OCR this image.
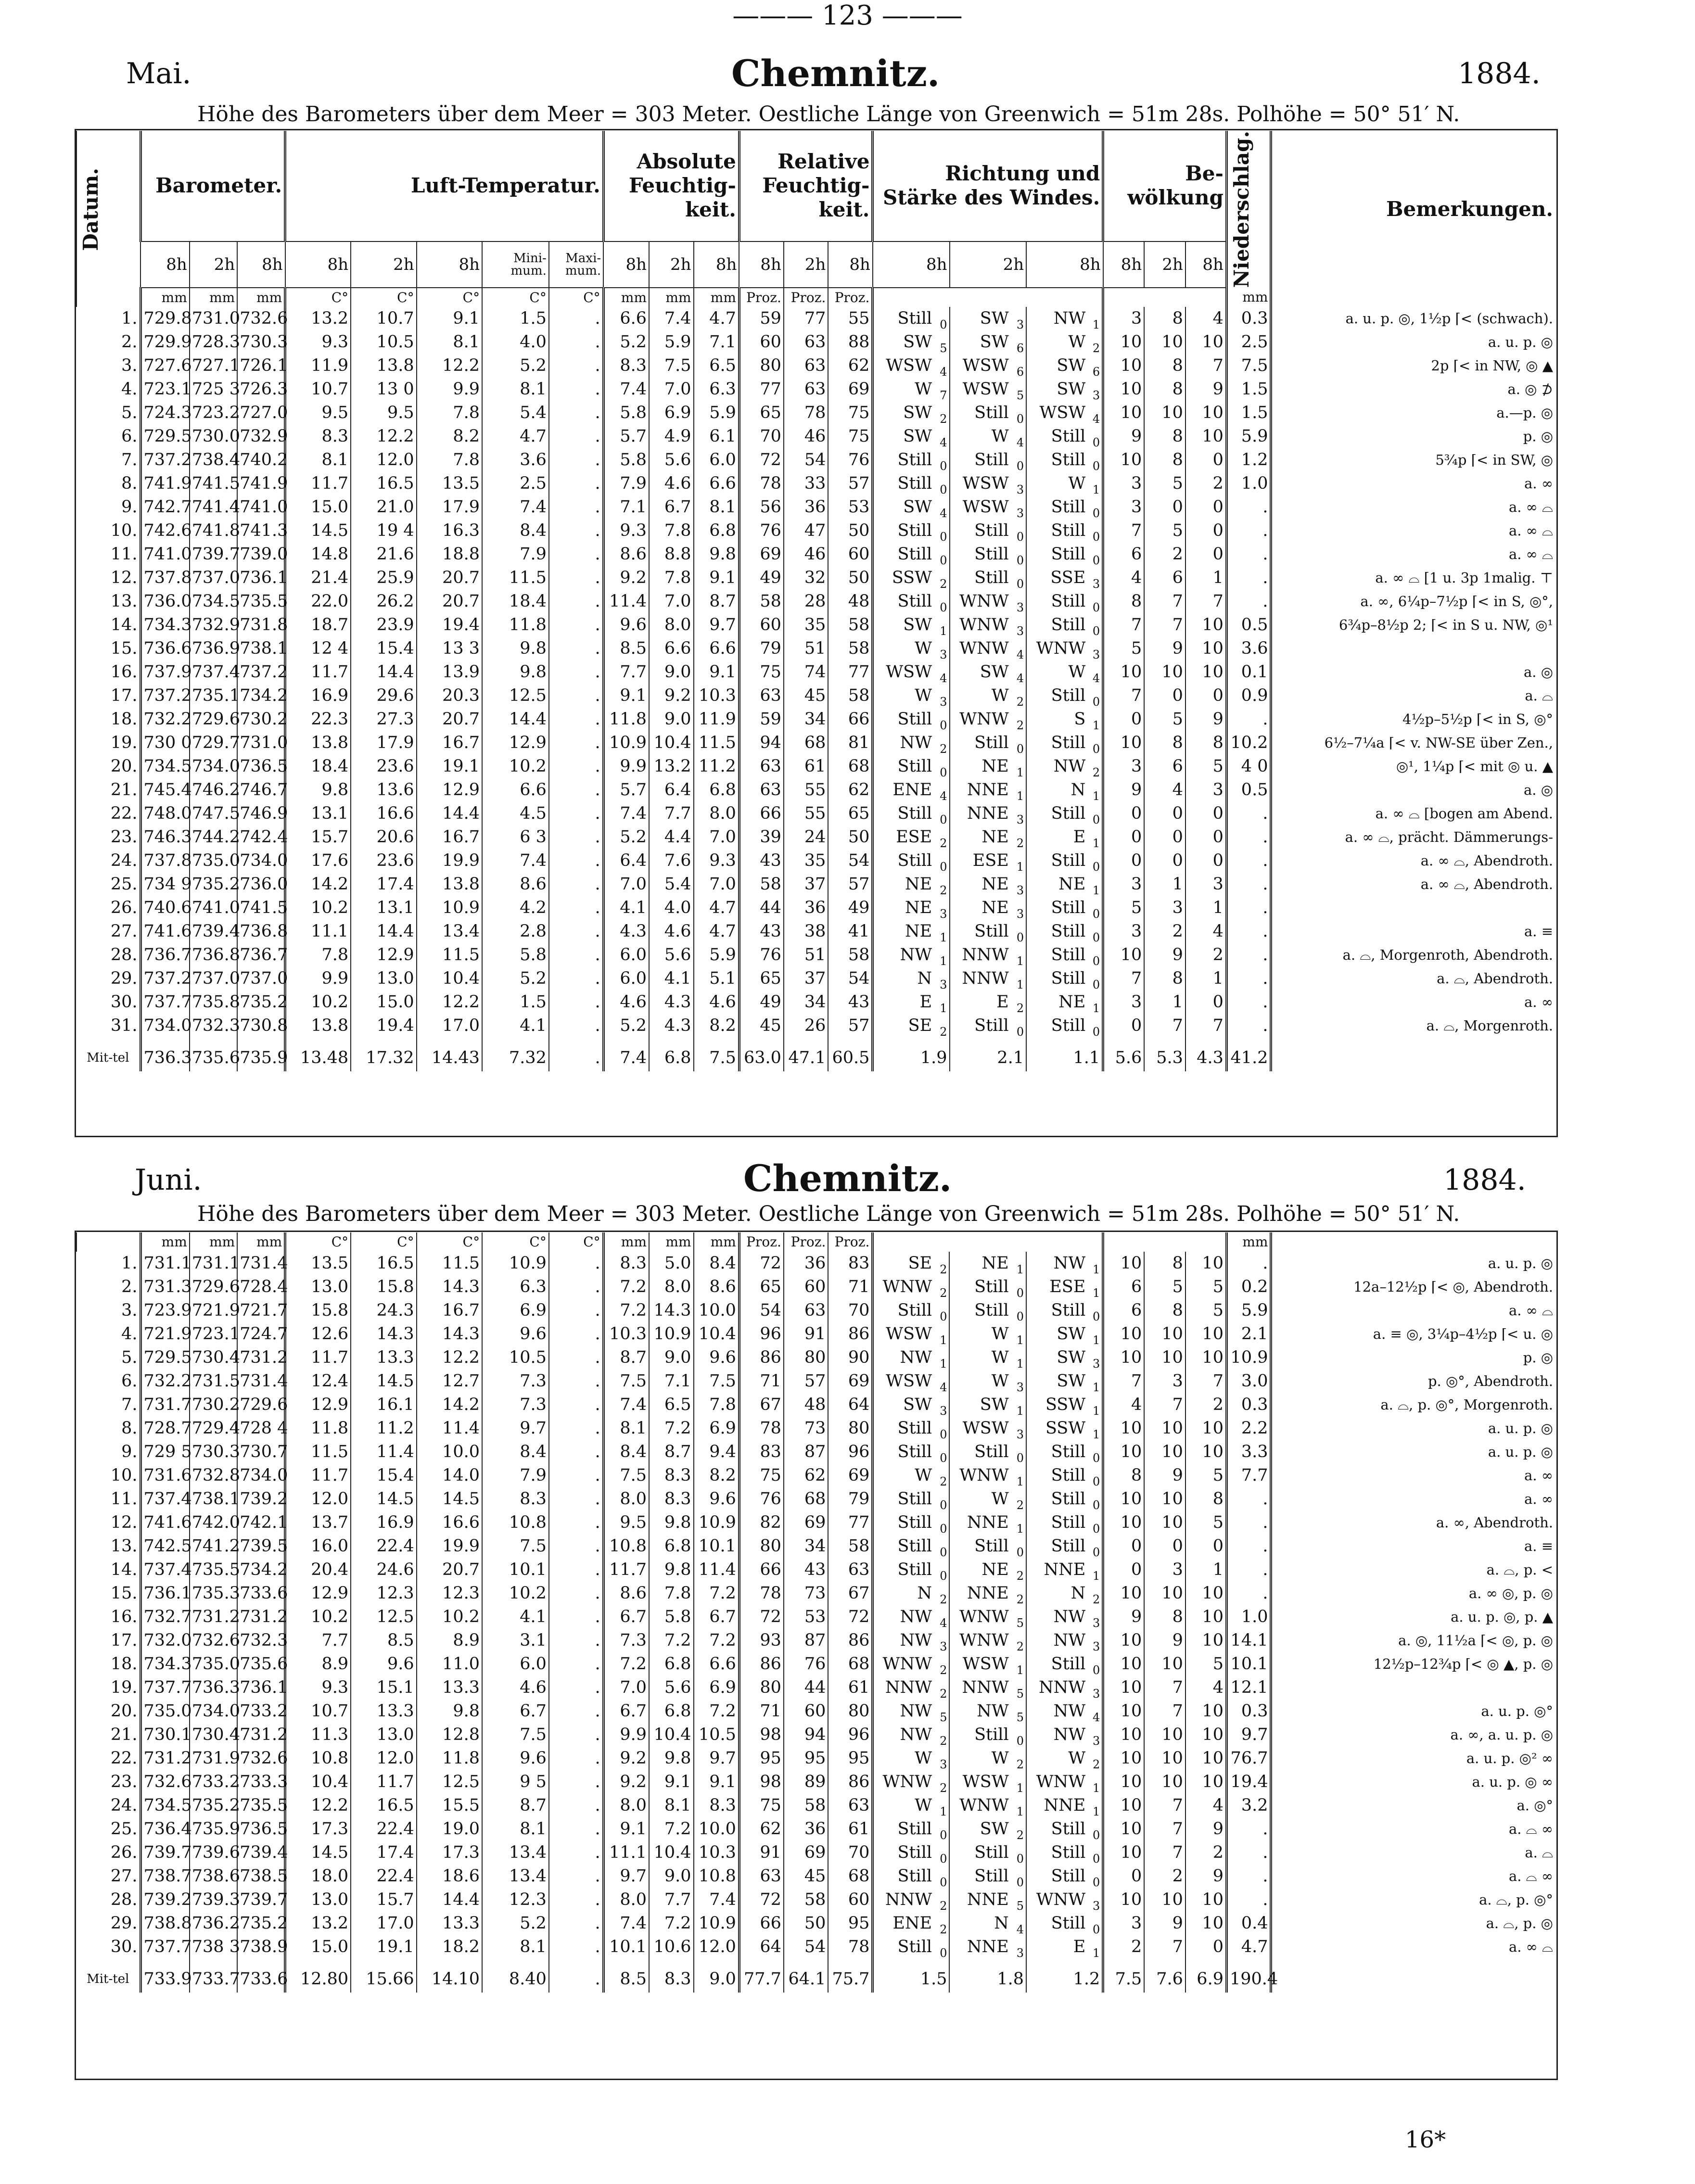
——— 123 ———
Mai.	Chemnitz.	1884.
Höhe des Barometers über dem Meer = 303 Meter. Oestliche Länge von Greenwich = 51m 28s. Polhöhe = 50° 51′ N.
Datum.	Barometer.			Luft-Temperatur.					Absolute Feuchtig-keit.			Relative Feuchtig-keit.			Richtung und Stärke des Windes.						Be-wölkung			Niederschlag.	Bemerkungen.
	8h	2h	8h	8h	2h	8h	Mini-mum.	Maxi-mum.	8h	2h	8h	8h	2h	8h	8h		2h		8h		8h	2h	8h		
	mm	mm	mm	C°	C°	C°	C°	C°	mm	mm	mm	Proz.	Proz.	Proz.										mm	
1.	729.8	731.0	732.6	13.2	10.7	9.1	1.5	.	6.6	7.4	4.7	59	77	55	Still	0	SW	3	NW	1	3	8	4	0.3	a. u. p. ◎, 1½p ⌈< (schwach).
2.	729.9	728.3	730.3	9.3	10.5	8.1	4.0	.	5.2	5.9	7.1	60	63	88	SW	5	SW	6	W	2	10	10	10	2.5	a. u. p. ◎
3.	727.6	727.1	726.1	11.9	13.8	12.2	5.2	.	8.3	7.5	6.5	80	63	62	WSW	4	WSW	6	SW	6	10	8	7	7.5	2p ⌈< in NW, ◎ ▲
4.	723.1	725 3	726.3	10.7	13 0	9.9	8.1	.	7.4	7.0	6.3	77	63	69	W	7	WSW	5	SW	3	10	8	9	1.5	a. ◎ ⊅
5.	724.3	723.2	727.0	9.5	9.5	7.8	5.4	.	5.8	6.9	5.9	65	78	75	SW	2	Still	0	WSW	4	10	10	10	1.5	a.—p. ◎
6.	729.5	730.0	732.9	8.3	12.2	8.2	4.7	.	5.7	4.9	6.1	70	46	75	SW	4	W	4	Still	0	9	8	10	5.9	p. ◎
7.	737.2	738.4	740.2	8.1	12.0	7.8	3.6	.	5.8	5.6	6.0	72	54	76	Still	0	Still	0	Still	0	10	8	0	1.2	5¾p ⌈< in SW, ◎
8.	741.9	741.5	741.9	11.7	16.5	13.5	2.5	.	7.9	4.6	6.6	78	33	57	Still	0	WSW	3	W	1	3	5	2	1.0	a. ∞
9.	742.7	741.4	741.0	15.0	21.0	17.9	7.4	.	7.1	6.7	8.1	56	36	53	SW	4	WSW	3	Still	0	3	0	0	.	a. ∞ ⌓
10.	742.6	741.8	741.3	14.5	19 4	16.3	8.4	.	9.3	7.8	6.8	76	47	50	Still	0	Still	0	Still	0	7	5	0	.	a. ∞ ⌓
11.	741.0	739.7	739.0	14.8	21.6	18.8	7.9	.	8.6	8.8	9.8	69	46	60	Still	0	Still	0	Still	0	6	2	0	.	a. ∞ ⌓
12.	737.8	737.0	736.1	21.4	25.9	20.7	11.5	.	9.2	7.8	9.1	49	32	50	SSW	2	Still	0	SSE	3	4	6	1	.	a. ∞ ⌓ [1 u. 3p 1malig. ⊤
13.	736.0	734.5	735.5	22.0	26.2	20.7	18.4	.	11.4	7.0	8.7	58	28	48	Still	0	WNW	3	Still	0	8	7	7	.	a. ∞, 6¼p–7½p ⌈< in S, ◎°,
14.	734.3	732.9	731.8	18.7	23.9	19.4	11.8	.	9.6	8.0	9.7	60	35	58	SW	1	WNW	3	Still	0	7	7	10	0.5	6¾p–8½p 2; ⌈< in S u. NW, ◎¹
15.	736.6	736.9	738.1	12 4	15.4	13 3	9.8	.	8.5	6.6	6.6	79	51	58	W	3	WNW	4	WNW	3	5	9	10	3.6	
16.	737.9	737.4	737.2	11.7	14.4	13.9	9.8	.	7.7	9.0	9.1	75	74	77	WSW	4	SW	4	W	4	10	10	10	0.1	a. ◎
17.	737.2	735.1	734.2	16.9	29.6	20.3	12.5	.	9.1	9.2	10.3	63	45	58	W	3	W	2	Still	0	7	0	0	0.9	a. ⌓
18.	732.2	729.6	730.2	22.3	27.3	20.7	14.4	.	11.8	9.0	11.9	59	34	66	Still	0	WNW	2	S	1	0	5	9	.	4½p–5½p ⌈< in S, ◎°
19.	730 0	729.7	731.0	13.8	17.9	16.7	12.9	.	10.9	10.4	11.5	94	68	81	NW	2	Still	0	Still	0	10	8	8	10.2	6½–7¼a ⌈< v. NW-SE über Zen.,
20.	734.5	734.0	736.5	18.4	23.6	19.1	10.2	.	9.9	13.2	11.2	63	61	68	Still	0	NE	1	NW	2	3	6	5	4 0	◎¹, 1¼p ⌈< mit ◎ u. ▲
21.	745.4	746.2	746.7	9.8	13.6	12.9	6.6	.	5.7	6.4	6.8	63	55	62	ENE	4	NNE	1	N	1	9	4	3	0.5	a. ◎
22.	748.0	747.5	746.9	13.1	16.6	14.4	4.5	.	7.4	7.7	8.0	66	55	65	Still	0	NNE	3	Still	0	0	0	0	.	a. ∞ ⌓ [bogen am Abend.
23.	746.3	744.2	742.4	15.7	20.6	16.7	6 3	.	5.2	4.4	7.0	39	24	50	ESE	2	NE	2	E	1	0	0	0	.	a. ∞ ⌓, prächt. Dämmerungs-
24.	737.8	735.0	734.0	17.6	23.6	19.9	7.4	.	6.4	7.6	9.3	43	35	54	Still	0	ESE	1	Still	0	0	0	0	.	a. ∞ ⌓, Abendroth.
25.	734 9	735.2	736.0	14.2	17.4	13.8	8.6	.	7.0	5.4	7.0	58	37	57	NE	2	NE	3	NE	1	3	1	3	.	a. ∞ ⌓, Abendroth.
26.	740.6	741.0	741.5	10.2	13.1	10.9	4.2	.	4.1	4.0	4.7	44	36	49	NE	3	NE	3	Still	0	5	3	1	.	
27.	741.6	739.4	736.8	11.1	14.4	13.4	2.8	.	4.3	4.6	4.7	43	38	41	NE	1	Still	0	Still	0	3	2	4	.	a. ≡
28.	736.7	736.8	736.7	7.8	12.9	11.5	5.8	.	6.0	5.6	5.9	76	51	58	NW	1	NNW	1	Still	0	10	9	2	.	a. ⌓, Morgenroth, Abendroth.
29.	737.2	737.0	737.0	9.9	13.0	10.4	5.2	.	6.0	4.1	5.1	65	37	54	N	3	NNW	1	Still	0	7	8	1	.	a. ⌓, Abendroth.
30.	737.7	735.8	735.2	10.2	15.0	12.2	1.5	.	4.6	4.3	4.6	49	34	43	E	1	E	2	NE	1	3	1	0	.	a. ∞
31.	734.0	732.3	730.8	13.8	19.4	17.0	4.1	.	5.2	4.3	8.2	45	26	57	SE	2	Still	0	Still	0	0	7	7	.	a. ⌓, Morgenroth.

Mit-tel	736.3	735.6	735.9	13.48	17.32	14.43	7.32	.	7.4	6.8	7.5	63.0	47.1	60.5	1.9		2.1		1.1		5.6	5.3	4.3	41.2	
Juni.	Chemnitz.	1884.
Höhe des Barometers über dem Meer = 303 Meter. Oestliche Länge von Greenwich = 51m 28s. Polhöhe = 50° 51′ N.
	mm	mm	mm	C°	C°	C°	C°	C°	mm	mm	mm	Proz.	Proz.	Proz.										mm	
1.	731.1	731.1	731.4	13.5	16.5	11.5	10.9	.	8.3	5.0	8.4	72	36	83	SE	2	NE	1	NW	1	10	8	10	.	a. u. p. ◎
2.	731.3	729.6	728.4	13.0	15.8	14.3	6.3	.	7.2	8.0	8.6	65	60	71	WNW	2	Still	0	ESE	1	6	5	5	0.2	12a–12½p ⌈< ◎, Abendroth.
3.	723.9	721.9	721.7	15.8	24.3	16.7	6.9	.	7.2	14.3	10.0	54	63	70	Still	0	Still	0	Still	0	6	8	5	5.9	a. ∞ ⌓
4.	721.9	723.1	724.7	12.6	14.3	14.3	9.6	.	10.3	10.9	10.4	96	91	86	WSW	1	W	1	SW	1	10	10	10	2.1	a. ≡ ◎, 3¼p–4½p ⌈< u. ◎
5.	729.5	730.4	731.2	11.7	13.3	12.2	10.5	.	8.7	9.0	9.6	86	80	90	NW	1	W	1	SW	3	10	10	10	10.9	p. ◎
6.	732.2	731.5	731.4	12.4	14.5	12.7	7.3	.	7.5	7.1	7.5	71	57	69	WSW	4	W	3	SW	1	7	3	7	3.0	p. ◎°, Abendroth.
7.	731.7	730.2	729.6	12.9	16.1	14.2	7.3	.	7.4	6.5	7.8	67	48	64	SW	3	SW	1	SSW	1	4	7	2	0.3	a. ⌓, p. ◎°, Morgenroth.
8.	728.7	729.4	728 4	11.8	11.2	11.4	9.7	.	8.1	7.2	6.9	78	73	80	Still	0	WSW	3	SSW	1	10	10	10	2.2	a. u. p. ◎
9.	729 5	730.3	730.7	11.5	11.4	10.0	8.4	.	8.4	8.7	9.4	83	87	96	Still	0	Still	0	Still	0	10	10	10	3.3	a. u. p. ◎
10.	731.6	732.8	734.0	11.7	15.4	14.0	7.9	.	7.5	8.3	8.2	75	62	69	W	2	WNW	1	Still	0	8	9	5	7.7	a. ∞
11.	737.4	738.1	739.2	12.0	14.5	14.5	8.3	.	8.0	8.3	9.6	76	68	79	Still	0	W	2	Still	0	10	10	8	.	a. ∞
12.	741.6	742.0	742.1	13.7	16.9	16.6	10.8	.	9.5	9.8	10.9	82	69	77	Still	0	NNE	1	Still	0	10	10	5	.	a. ∞, Abendroth.
13.	742.5	741.2	739.5	16.0	22.4	19.9	7.5	.	10.8	6.8	10.1	80	34	58	Still	0	Still	0	Still	0	0	0	0	.	a. ≡
14.	737.4	735.5	734.2	20.4	24.6	20.7	10.1	.	11.7	9.8	11.4	66	43	63	Still	0	NE	2	NNE	1	0	3	1	.	a. ⌓, p. <
15.	736.1	735.3	733.6	12.9	12.3	12.3	10.2	.	8.6	7.8	7.2	78	73	67	N	2	NNE	2	N	2	10	10	10	.	a. ∞ ◎, p. ◎
16.	732.7	731.2	731.2	10.2	12.5	10.2	4.1	.	6.7	5.8	6.7	72	53	72	NW	4	WNW	5	NW	3	9	8	10	1.0	a. u. p. ◎, p. ▲
17.	732.0	732.6	732.3	7.7	8.5	8.9	3.1	.	7.3	7.2	7.2	93	87	86	NW	3	WNW	2	NW	3	10	9	10	14.1	a. ◎, 11½a ⌈< ◎, p. ◎
18.	734.3	735.0	735.6	8.9	9.6	11.0	6.0	.	7.2	6.8	6.6	86	76	68	WNW	2	WSW	1	Still	0	10	10	5	10.1	12½p–12¾p ⌈< ◎ ▲, p. ◎
19.	737.7	736.3	736.1	9.3	15.1	13.3	4.6	.	7.0	5.6	6.9	80	44	61	NNW	2	NNW	5	NNW	3	10	7	4	12.1	
20.	735.0	734.0	733.2	10.7	13.3	9.8	6.7	.	6.7	6.8	7.2	71	60	80	NW	5	NW	5	NW	4	10	7	10	0.3	a. u. p. ◎°
21.	730.1	730.4	731.2	11.3	13.0	12.8	7.5	.	9.9	10.4	10.5	98	94	96	NW	2	Still	0	NW	3	10	10	10	9.7	a. ∞, a. u. p. ◎
22.	731.2	731.9	732.6	10.8	12.0	11.8	9.6	.	9.2	9.8	9.7	95	95	95	W	3	W	2	W	2	10	10	10	76.7	a. u. p. ◎² ∞
23.	732.6	733.2	733.3	10.4	11.7	12.5	9 5	.	9.2	9.1	9.1	98	89	86	WNW	2	WSW	1	WNW	1	10	10	10	19.4	a. u. p. ◎ ∞
24.	734.5	735.2	735.5	12.2	16.5	15.5	8.7	.	8.0	8.1	8.3	75	58	63	W	1	WNW	1	NNE	1	10	7	4	3.2	a. ◎°
25.	736.4	735.9	736.5	17.3	22.4	19.0	8.1	.	9.1	7.2	10.0	62	36	61	Still	0	SW	2	Still	0	10	7	9	.	a. ⌓ ∞
26.	739.7	739.6	739.4	14.5	17.4	17.3	13.4	.	11.1	10.4	10.3	91	69	70	Still	0	Still	0	Still	0	10	7	2	.	a. ⌓
27.	738.7	738.6	738.5	18.0	22.4	18.6	13.4	.	9.7	9.0	10.8	63	45	68	Still	0	Still	0	Still	0	0	2	9	.	a. ⌓ ∞
28.	739.2	739.3	739.7	13.0	15.7	14.4	12.3	.	8.0	7.7	7.4	72	58	60	NNW	2	NNE	5	WNW	3	10	10	10	.	a. ⌓, p. ◎°
29.	738.8	736.2	735.2	13.2	17.0	13.3	5.2	.	7.4	7.2	10.9	66	50	95	ENE	2	N	4	Still	0	3	9	10	0.4	a. ⌓, p. ◎
30.	737.7	738 3	738.9	15.0	19.1	18.2	8.1	.	10.1	10.6	12.0	64	54	78	Still	0	NNE	3	E	1	2	7	0	4.7	a. ∞ ⌓

Mit-tel	733.9	733.7	733.6	12.80	15.66	14.10	8.40	.	8.5	8.3	9.0	77.7	64.1	75.7	1.5		1.8		1.2		7.5	7.6	6.9	190.4	
16*
